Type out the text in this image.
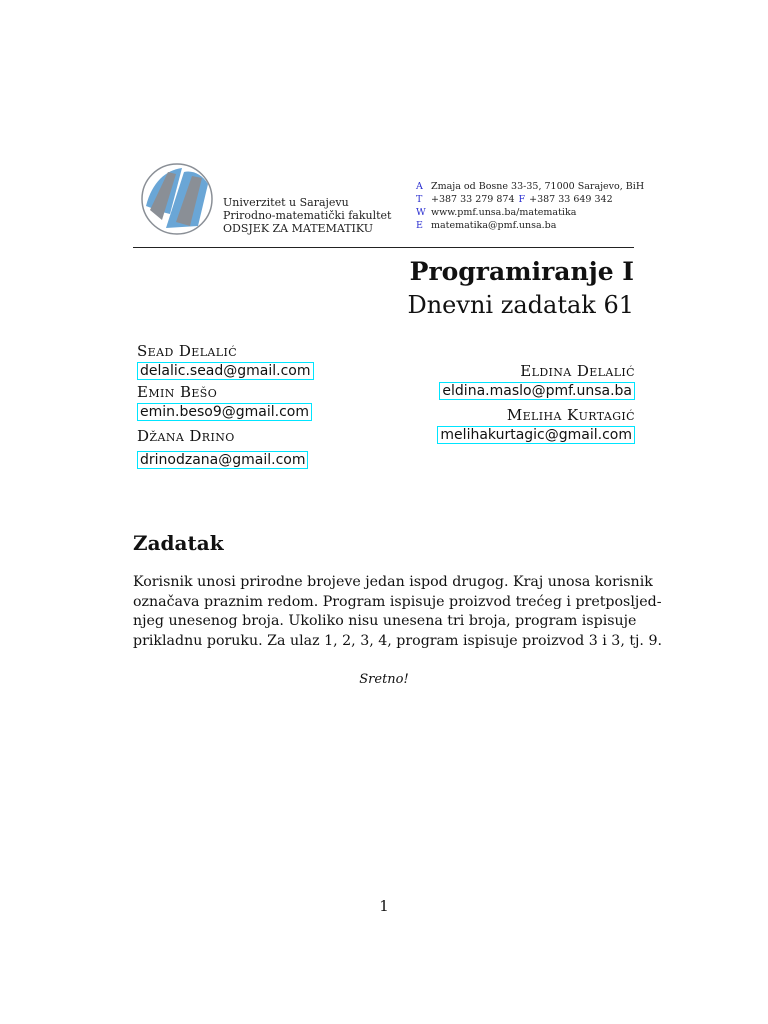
Univerzitet u Sarajevu
Prirodno-matematički fakultet
ODSJEK ZA MATEMATIKU
A Zmaja od Bosne 33-35, 71000 Sarajevo, BiH
T +387 33 279 874 F +387 33 649 342
W www.pmf.unsa.ba/matematika
E matematika@pmf.unsa.ba
Programiranje I
Dnevni zadatak 61
Sead Delalić
delalic.sead@gmail.com
Emin Bešo
emin.beso9@gmail.com
Džana Drino
drinodzana@gmail.com
Eldina Delalić
eldina.maslo@pmf.unsa.ba
Meliha Kurtagić
melihakurtagic@gmail.com
Zadatak
Korisnik unosi prirodne brojeve jedan ispod drugog. Kraj unosa korisnik
označava praznim redom. Program ispisuje proizvod trećeg i pretposljed-
njeg unesenog broja. Ukoliko nisu unesena tri broja, program ispisuje
prikladnu poruku. Za ulaz 1, 2, 3, 4, program ispisuje proizvod 3 i 3, tj. 9.
Sretno!
1
